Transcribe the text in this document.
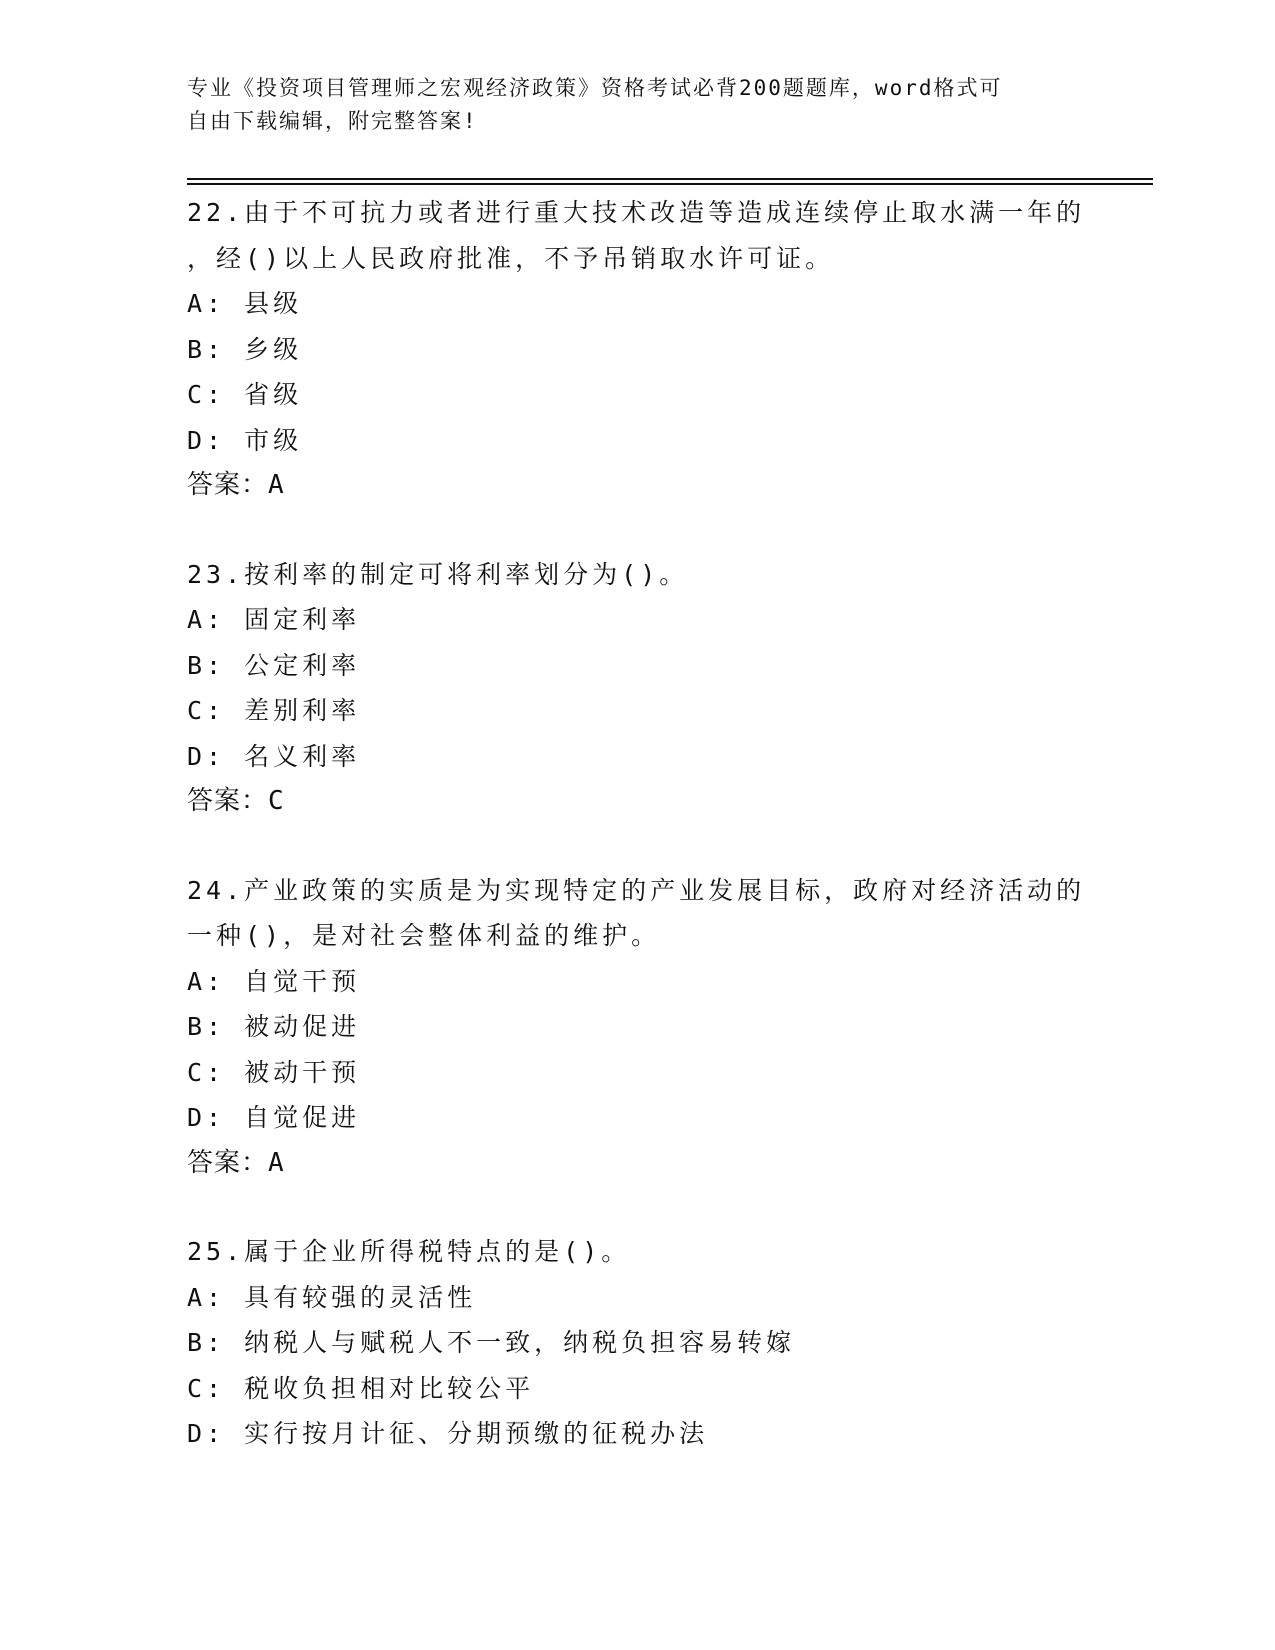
专业《投资项目管理师之宏观经济政策》资格考试必背200题题库，word格式可
自由下载编辑，附完整答案!
22.由于不可抗力或者进行重大技术改造等造成连续停止取水满一年的
，经()以上人民政府批准，不予吊销取水许可证。
A: 县级
B: 乡级
C: 省级
D: 市级
答案：A
23.按利率的制定可将利率划分为()。
A: 固定利率
B: 公定利率
C: 差别利率
D: 名义利率
答案：C
24.产业政策的实质是为实现特定的产业发展目标，政府对经济活动的
一种()，是对社会整体利益的维护。
A: 自觉干预
B: 被动促进
C: 被动干预
D: 自觉促进
答案：A
25.属于企业所得税特点的是()。
A: 具有较强的灵活性
B: 纳税人与赋税人不一致，纳税负担容易转嫁
C: 税收负担相对比较公平
D: 实行按月计征、分期预缴的征税办法
